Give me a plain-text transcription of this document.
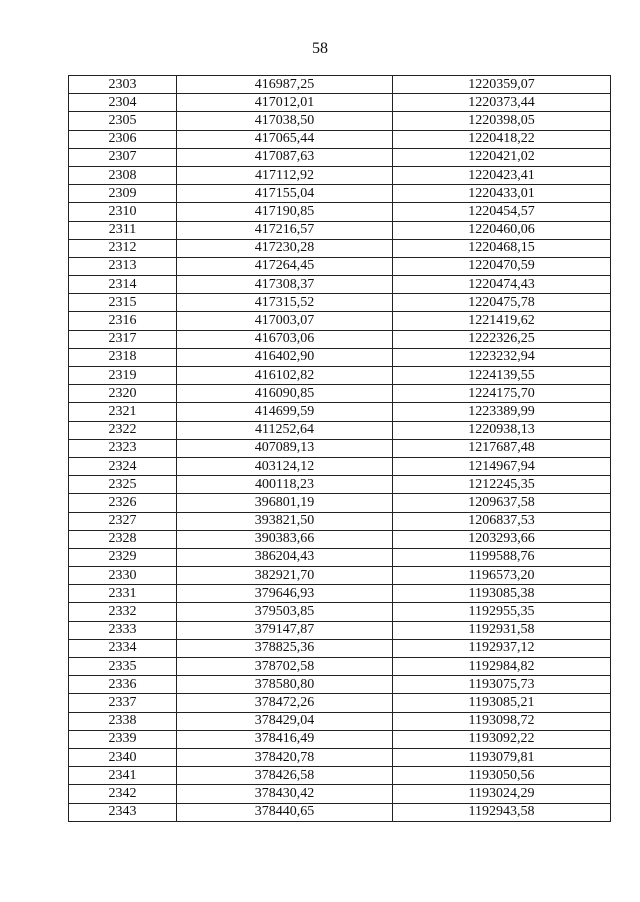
58
2303	416987,25	1220359,07
2304	417012,01	1220373,44
2305	417038,50	1220398,05
2306	417065,44	1220418,22
2307	417087,63	1220421,02
2308	417112,92	1220423,41
2309	417155,04	1220433,01
2310	417190,85	1220454,57
2311	417216,57	1220460,06
2312	417230,28	1220468,15
2313	417264,45	1220470,59
2314	417308,37	1220474,43
2315	417315,52	1220475,78
2316	417003,07	1221419,62
2317	416703,06	1222326,25
2318	416402,90	1223232,94
2319	416102,82	1224139,55
2320	416090,85	1224175,70
2321	414699,59	1223389,99
2322	411252,64	1220938,13
2323	407089,13	1217687,48
2324	403124,12	1214967,94
2325	400118,23	1212245,35
2326	396801,19	1209637,58
2327	393821,50	1206837,53
2328	390383,66	1203293,66
2329	386204,43	1199588,76
2330	382921,70	1196573,20
2331	379646,93	1193085,38
2332	379503,85	1192955,35
2333	379147,87	1192931,58
2334	378825,36	1192937,12
2335	378702,58	1192984,82
2336	378580,80	1193075,73
2337	378472,26	1193085,21
2338	378429,04	1193098,72
2339	378416,49	1193092,22
2340	378420,78	1193079,81
2341	378426,58	1193050,56
2342	378430,42	1193024,29
2343	378440,65	1192943,58
